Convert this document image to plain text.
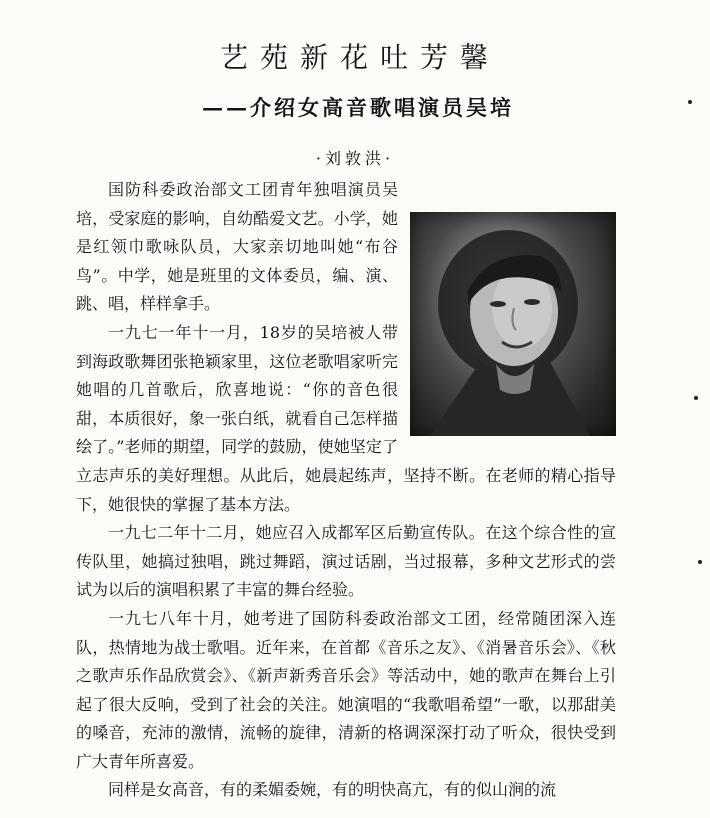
艺苑新花吐芳馨
——介绍女高音歌唱演员吴培
·刘敦洪·

国防科委政治部文工团青年独唱演员吴培，受家庭的影响，自幼酷爱文艺。小学，她是红领巾歌咏队员，大家亲切地叫她“布谷鸟”。中学，她是班里的文体委员，编、演、跳、唱，样样拿手。

一九七一年十一月，18岁的吴培被人带到海政歌舞团张艳颖家里，这位老歌唱家听完她唱的几首歌后，欣喜地说：“你的音色很甜，本质很好，象一张白纸，就看自己怎样描绘了。”老师的期望，同学的鼓励，使她坚定了立志声乐的美好理想。从此后，她晨起练声，坚持不断。在老师的精心指导下，她很快的掌握了基本方法。

一九七二年十二月，她应召入成都军区后勤宣传队。在这个综合性的宣传队里，她搞过独唱，跳过舞蹈，演过话剧，当过报幕，多种文艺形式的尝试为以后的演唱积累了丰富的舞台经验。

一九七八年十月，她考进了国防科委政治部文工团，经常随团深入连队，热情地为战士歌唱。近年来，在首都《音乐之友》、《消暑音乐会》、《秋之歌声乐作品欣赏会》、《新声新秀音乐会》等活动中，她的歌声在舞台上引起了很大反响，受到了社会的关注。她演唱的“我歌唱希望”一歌，以那甜美的嗓音，充沛的激情，流畅的旋律，清新的格调深深打动了听众，很快受到广大青年所喜爱。

同样是女高音，有的柔媚委婉，有的明快高亢，有的似山涧的流
